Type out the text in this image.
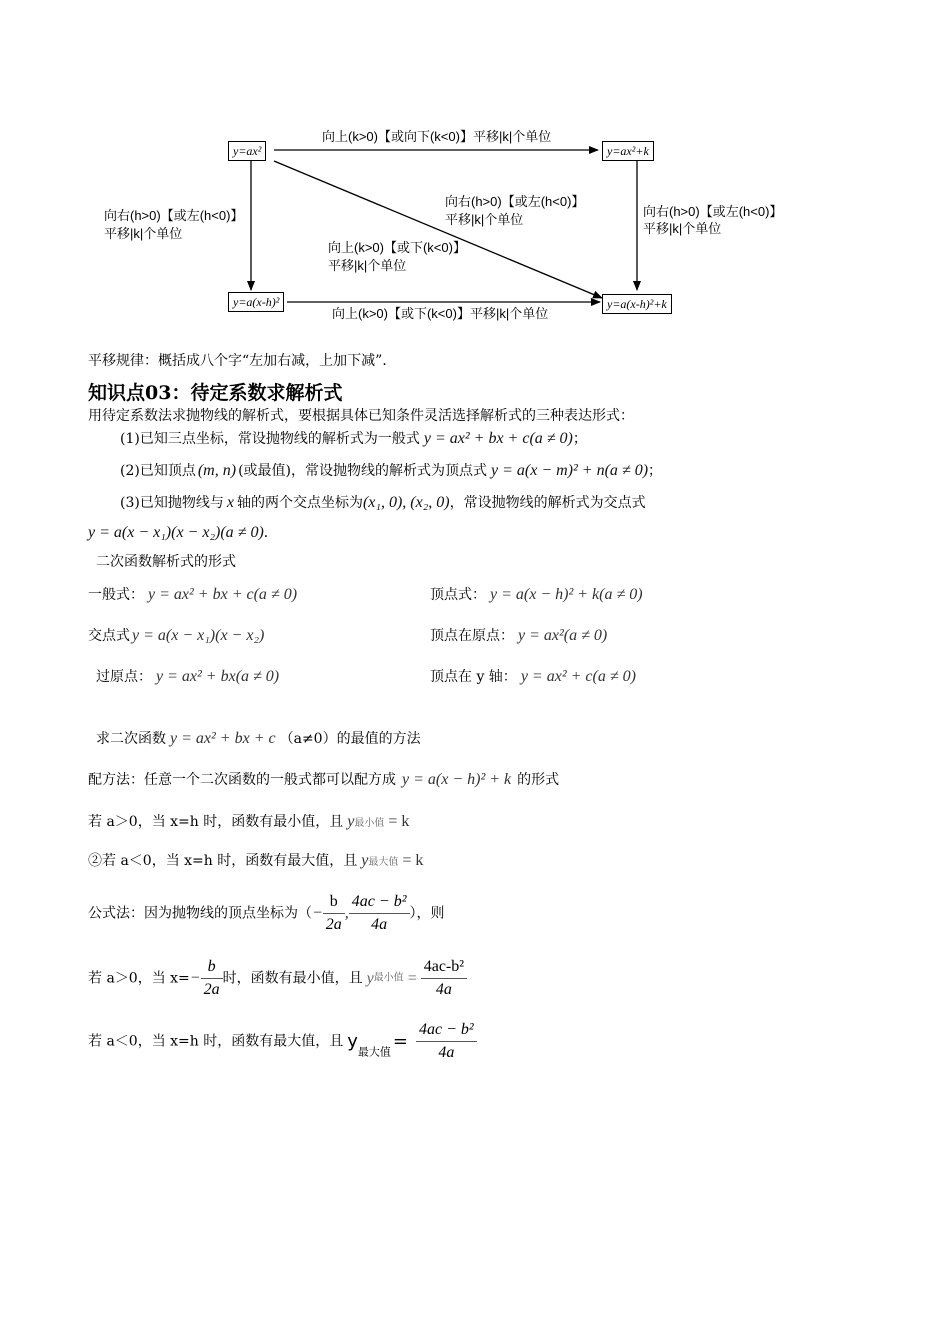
y=ax²	y=ax²+k
y=a(x-h)²	y=a(x-h)²+k
向上(k>0)【或向下(k<0)】平移|k|个单位
向右(h>0)【或左(h<0)】
平移|k|个单位
向右(h>0)【或左(h<0)】
平移|k|个单位
向上(k>0)【或下(k<0)】
平移|k|个单位
向右(h>0)【或左(h<0)】
平移|k|个单位
向上(k>0)【或下(k<0)】平移|k|个单位
平移规律：概括成八个字“左加右减，上加下减”．
知识点03：待定系数求解析式
用待定系数法求抛物线的解析式，要根据具体已知条件灵活选择解析式的三种表达形式：
(1)已知三点坐标，常设抛物线的解析式为一般式 y = ax² + bx + c(a ≠ 0)；
(2)已知顶点 (m, n) (或最值)，常设抛物线的解析式为顶点式 y = a(x − m)² + n(a ≠ 0)；
(3)已知抛物线与 x 轴的两个交点坐标为(x₁, 0), (x₂, 0)，常设抛物线的解析式为交点式
y = a(x − x₁)(x − x₂)(a ≠ 0)．
二次函数解析式的形式
一般式： y = ax² + bx + c(a ≠ 0)	顶点式： y = a(x − h)² + k(a ≠ 0)
交点式 y = a(x − x₁)(x − x₂)	顶点在原点： y = ax²(a ≠ 0)
过原点： y = ax² + bx(a ≠ 0)	顶点在 y 轴： y = ax² + c(a ≠ 0)
求二次函数 y = ax² + bx + c （a≠0）的最值的方法
配方法：任意一个二次函数的一般式都可以配方成 y = a(x − h)² + k 的形式
若 a＞0，当 x=h 时，函数有最小值，且 y最小值 = k
②若 a＜0，当 x=h 时，函数有最大值，且 y最大值 = k
公式法：因为抛物线的顶点坐标为（− $\frac{b}{2a}$ , $\frac{\text{4ac − b²}}{4a}$ ），则
若 a＞0，当 $x=- \frac{b}{2a}$ 时，函数有最小值，且 y最小值 = $\frac{\text{4ac-b²}}{4a}$
若 a＜0，当 x=h 时，函数有最大值，且 $y_{最大值}= \frac{\text{4ac − b²}}{4a}$
